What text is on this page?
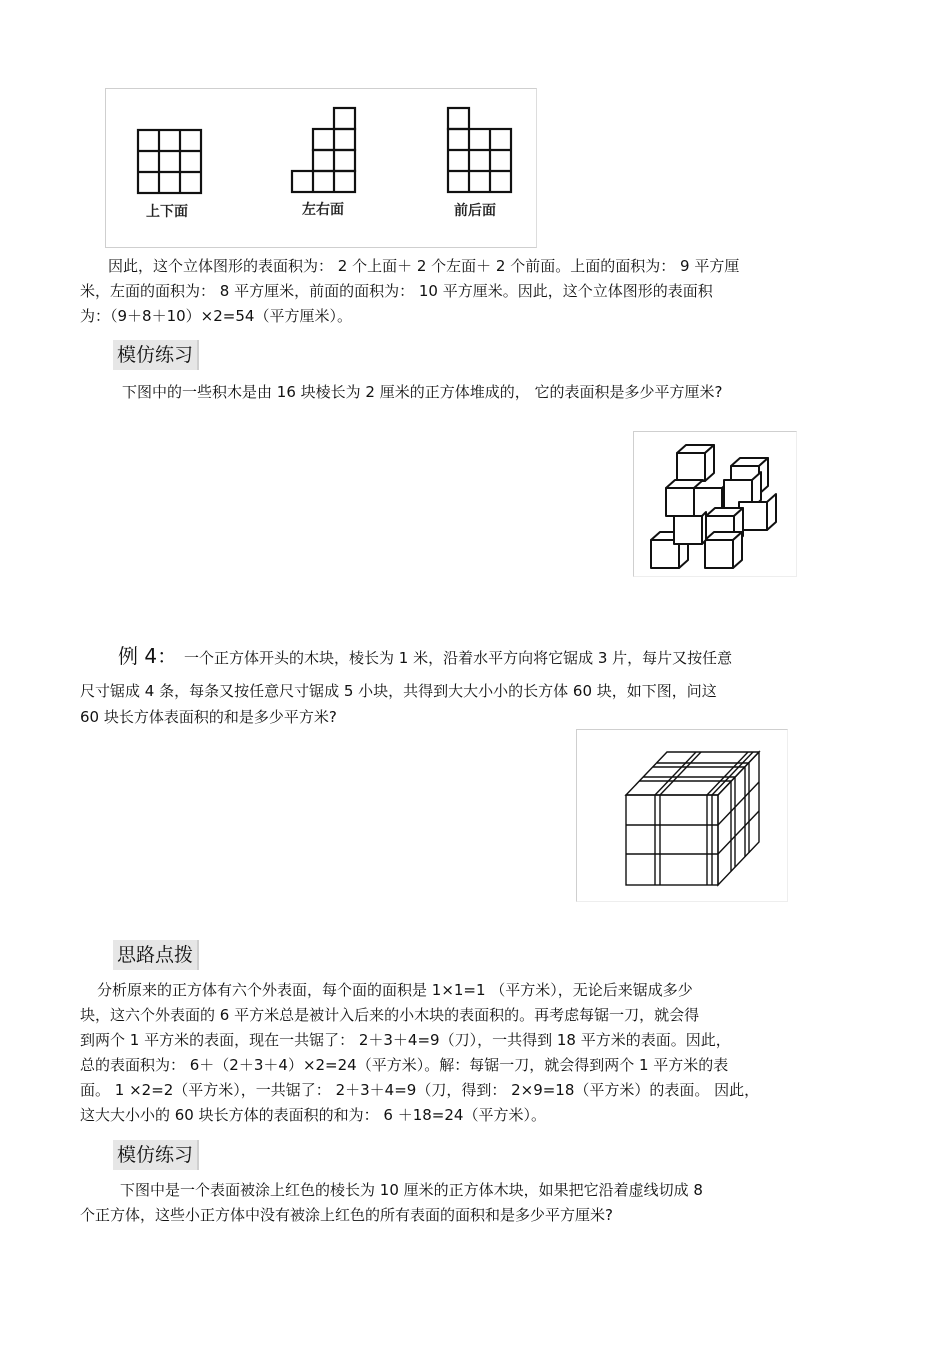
上下面	左右面	前后面
因此，这个立体图形的表面积为： 2 个上面＋ 2 个左面＋ 2 个前面。上面的面积为： 9 平方厘
米，左面的面积为： 8 平方厘米，前面的面积为： 10 平方厘米。因此，这个立体图形的表面积
为：（9＋8＋10）×2=54（平方厘米）。
模仿练习
下图中的一些积木是由 16 块棱长为 2 厘米的正方体堆成的， 它的表面积是多少平方厘米?
例 4： 一个正方体开头的木块，棱长为 1 米，沿着水平方向将它锯成 3 片，每片又按任意
尺寸锯成 4 条，每条又按任意尺寸锯成 5 小块，共得到大大小小的长方体 60 块，如下图，问这
60 块长方体表面积的和是多少平方米?
思路点拨
分析原来的正方体有六个外表面，每个面的面积是 1×1=1 （平方米），无论后来锯成多少
块，这六个外表面的 6 平方米总是被计入后来的小木块的表面积的。再考虑每锯一刀，就会得
到两个 1 平方米的表面，现在一共锯了： 2＋3＋4=9（刀），一共得到 18 平方米的表面。因此，
总的表面积为： 6＋（2＋3＋4）×2=24（平方米）。解：每锯一刀，就会得到两个 1 平方米的表
面。 1 ×2=2（平方米），一共锯了： 2＋3＋4=9（刀，得到： 2×9=18（平方米）的表面。 因此，
这大大小小的 60 块长方体的表面积的和为： 6 ＋18=24（平方米）。
模仿练习
下图中是一个表面被涂上红色的棱长为 10 厘米的正方体木块，如果把它沿着虚线切成 8
个正方体，这些小正方体中没有被涂上红色的所有表面的面积和是多少平方厘米?
